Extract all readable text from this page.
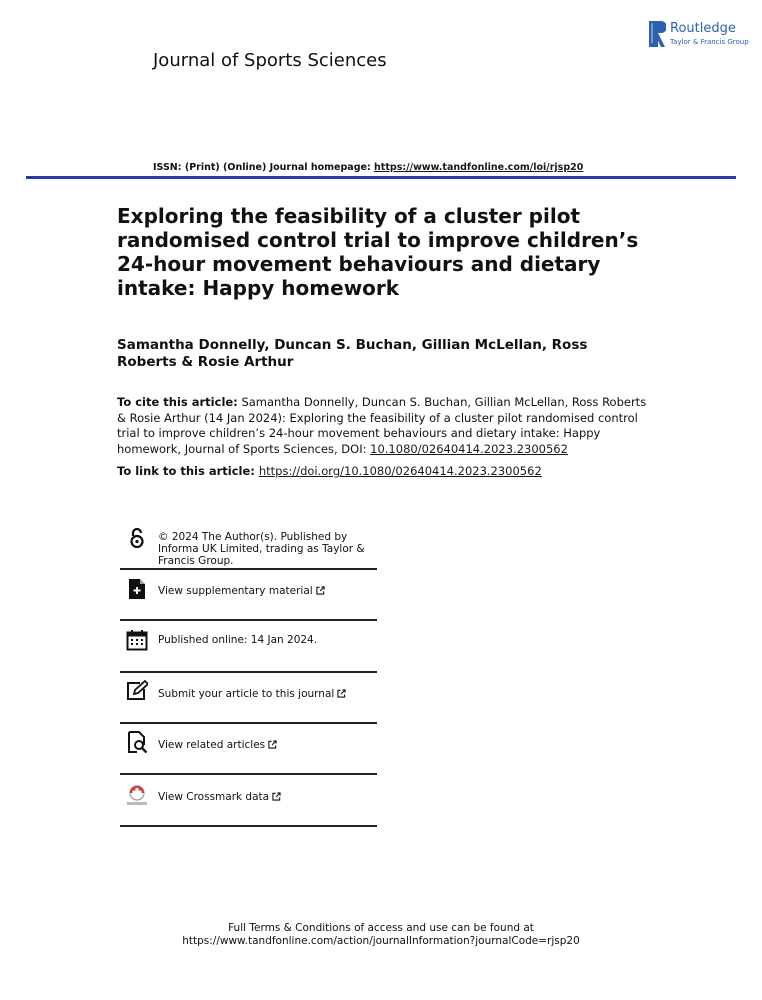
Routledge
Taylor & Francis Group
Journal of Sports Sciences
ISSN: (Print) (Online) Journal homepage: https://www.tandfonline.com/loi/rjsp20
Exploring the feasibility of a cluster pilot randomised control trial to improve children’s 24-hour movement behaviours and dietary intake: Happy homework
Samantha Donnelly, Duncan S. Buchan, Gillian McLellan, Ross Roberts & Rosie Arthur
To cite this article: Samantha Donnelly, Duncan S. Buchan, Gillian McLellan, Ross Roberts & Rosie Arthur (14 Jan 2024): Exploring the feasibility of a cluster pilot randomised control trial to improve children’s 24-hour movement behaviours and dietary intake: Happy homework, Journal of Sports Sciences, DOI: 10.1080/02640414.2023.2300562
To link to this article: https://doi.org/10.1080/02640414.2023.2300562
© 2024 The Author(s). Published by Informa UK Limited, trading as Taylor & Francis Group.
View supplementary material
Published online: 14 Jan 2024.
Submit your article to this journal
View related articles
View Crossmark data
Full Terms & Conditions of access and use can be found at
https://www.tandfonline.com/action/journalInformation?journalCode=rjsp20
